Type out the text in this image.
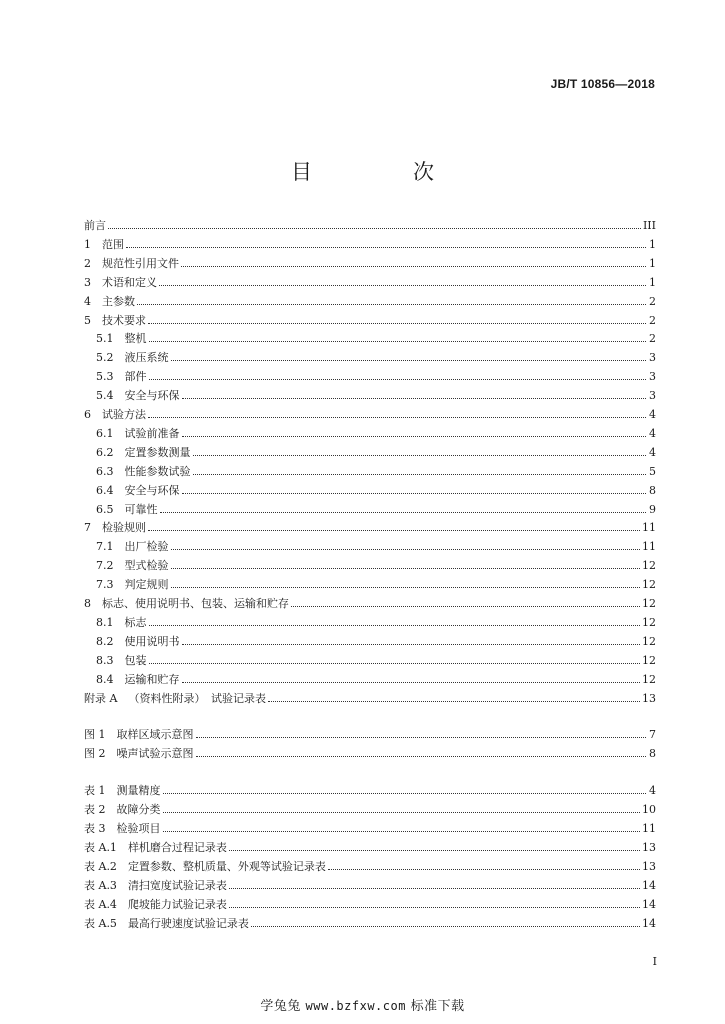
JB/T 10856—2018
目　次
前言	III
1　 范围	1
2　 规范性引用文件	1
3　 术语和定义	1
4　 主参数	2
5　 技术要求	2
5.1　 整机	2
5.2　 液压系统	3
5.3　 部件	3
5.4　 安全与环保	3
6　 试验方法	4
6.1　 试验前准备	4
6.2　 定置参数测量	4
6.3　 性能参数试验	5
6.4　 安全与环保	8
6.5　 可靠性	9
7　 检验规则	11
7.1　 出厂检验	11
7.2　 型式检验	12
7.3　 判定规则	12
8　 标志、使用说明书、包装、运输和贮存	12
8.1　 标志	12
8.2　 使用说明书	12
8.3　 包装	12
8.4　 运输和贮存	12
附录 A　 （资料性附录）　试验记录表	13
图 1　 取样区域示意图	7
图 2　 噪声试验示意图	8
表 1　 测量精度	4
表 2　 故障分类	10
表 3　 检验项目	11
表 A.1　 样机磨合过程记录表	13
表 A.2　 定置参数、整机质量、外观等试验记录表	13
表 A.3　 清扫宽度试验记录表	14
表 A.4　 爬坡能力试验记录表	14
表 A.5　 最高行驶速度试验记录表	14
I
学兔兔 www.bzfxw.com 标准下载
